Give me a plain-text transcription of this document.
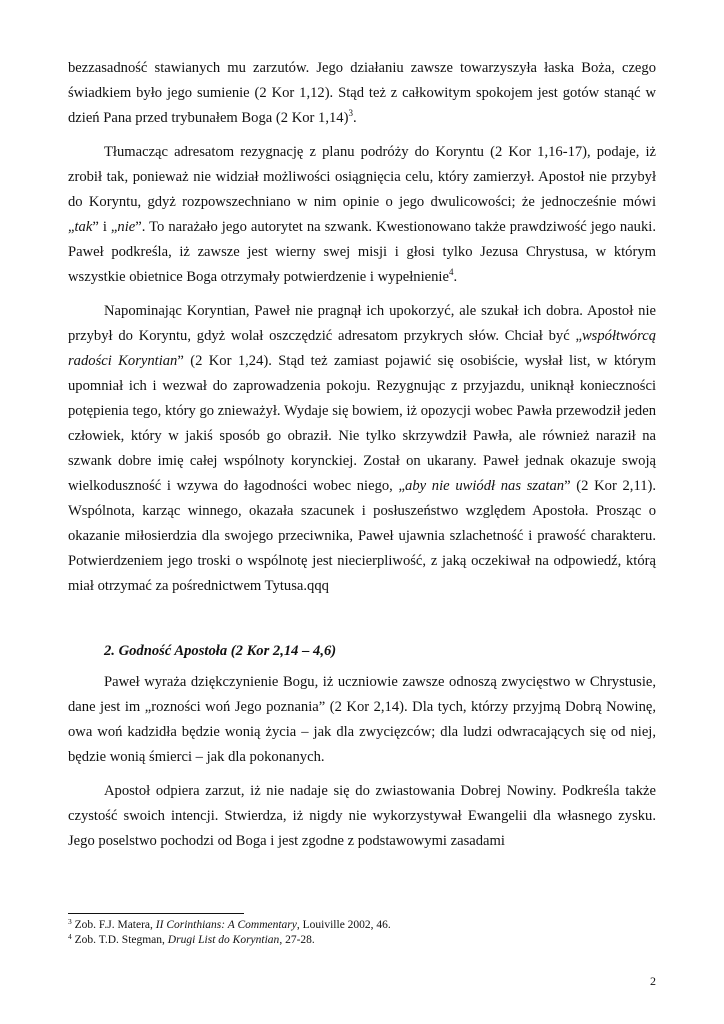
bezzasadność stawianych mu zarzutów. Jego działaniu zawsze towarzyszyła łaska Boża, czego świadkiem było jego sumienie (2 Kor 1,12). Stąd też z całkowitym spokojem jest gotów stanąć w dzień Pana przed trybunałem Boga (2 Kor 1,14)$^3$.

Tłumacząc adresatom rezygnację z planu podróży do Koryntu (2 Kor 1,16-17), podaje, iż zrobił tak, ponieważ nie widział możliwości osiągnięcia celu, który zamierzył. Apostoł nie przybył do Koryntu, gdyż rozpowszechniano w nim opinie o jego dwulicowości; że jednocześnie mówi „tak” i „nie”. To narażało jego autorytet na szwank. Kwestionowano także prawdziwość jego nauki. Paweł podkreśla, iż zawsze jest wierny swej misji i głosi tylko Jezusa Chrystusa, w którym wszystkie obietnice Boga otrzymały potwierdzenie i wypełnienie$^4$.

Napominając Koryntian, Paweł nie pragnął ich upokorzyć, ale szukał ich dobra. Apostoł nie przybył do Koryntu, gdyż wolał oszczędzić adresatom przykrych słów. Chciał być „współtwórcą radości Koryntian” (2 Kor 1,24). Stąd też zamiast pojawić się osobiście, wysłał list, w którym upomniał ich i wezwał do zaprowadzenia pokoju. Rezygnując z przyjazdu, uniknął konieczności potępienia tego, który go znieważył. Wydaje się bowiem, iż opozycji wobec Pawła przewodził jeden człowiek, który w jakiś sposób go obraził. Nie tylko skrzywdził Pawła, ale również naraził na szwank dobre imię całej wspólnoty korynckiej. Został on ukarany. Paweł jednak okazuje swoją wielkoduszność i wzywa do łagodności wobec niego, „aby nie uwiódł nas szatan” (2 Kor 2,11). Wspólnota, karząc winnego, okazała szacunek i posłuszeństwo względem Apostoła. Prosząc o okazanie miłosierdzia dla swojego przeciwnika, Paweł ujawnia szlachetność i prawość charakteru. Potwierdzeniem jego troski o wspólnotę jest niecierpliwość, z jaką oczekiwał na odpowiedź, którą miał otrzymać za pośrednictwem Tytusa.qqq

2. Godność Apostoła (2 Kor 2,14 – 4,6)

Paweł wyraża dziękczynienie Bogu, iż uczniowie zawsze odnoszą zwycięstwo w Chrystusie, dane jest im „rozności woń Jego poznania” (2 Kor 2,14). Dla tych, którzy przyjmą Dobrą Nowinę, owa woń kadzidła będzie wonią życia – jak dla zwycięzców; dla ludzi odwracających się od niej, będzie wonią śmierci – jak dla pokonanych.

Apostoł odpiera zarzut, iż nie nadaje się do zwiastowania Dobrej Nowiny. Podkreśla także czystość swoich intencji. Stwierdza, iż nigdy nie wykorzystywał Ewangelii dla własnego zysku. Jego poselstwo pochodzi od Boga i jest zgodne z podstawowymi zasadami

$^3$ Zob. F.J. Matera, II Corinthians: A Commentary, Louiville 2002, 46.
$^4$ Zob. T.D. Stegman, Drugi List do Koryntian, 27-28.
2
